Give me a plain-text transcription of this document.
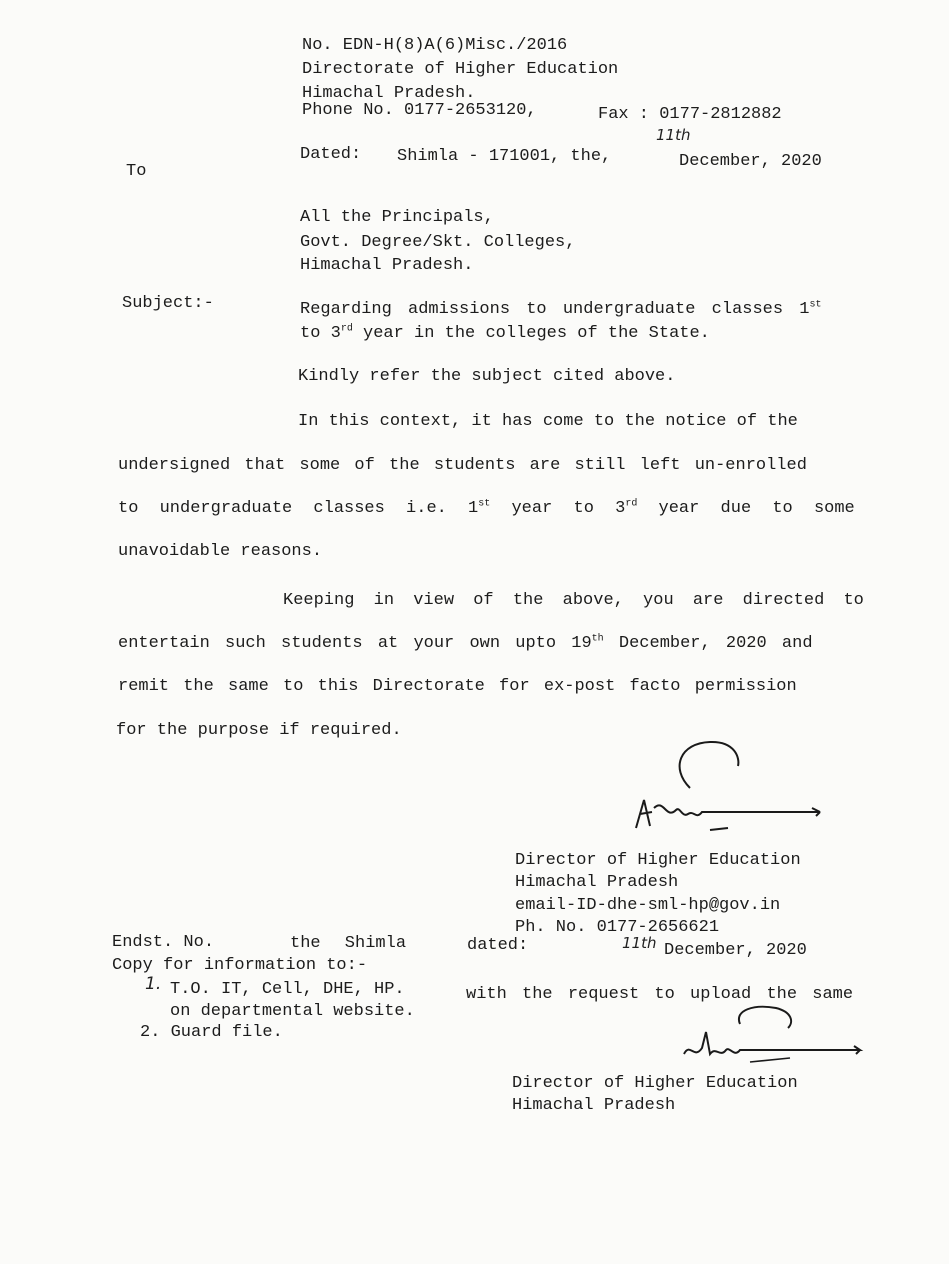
No. EDN-H(8)A(6)Misc./2016
Directorate of Higher Education
Himachal Pradesh.
Phone No. 0177-2653120,	Fax : 0177-2812882
Dated: Shimla - 171001, the,
11th
December, 2020
To
All the Principals,
Govt. Degree/Skt. Colleges,
Himachal Pradesh.
Subject:-	Regarding admissions to undergraduate classes 1st
to 3rd year in the colleges of the State.
Kindly refer the subject cited above.
In this context, it has come to the notice of the
undersigned that some of the students are still left un-enrolled
to undergraduate classes i.e. 1st year to 3rd year due to some
unavoidable reasons.
Keeping in view of the above, you are directed to
entertain such students at your own upto 19th December, 2020 and
remit the same to this Directorate for ex-post facto permission
for the purpose if required.
Director of Higher Education
Himachal Pradesh
email-ID-dhe-sml-hp@gov.in
Ph. No. 0177-2656621
Endst. No.	the Shimla	dated:	11th December, 2020
Copy for information to:-
1. T.O. IT, Cell, DHE, HP.	with the request to upload the same
on departmental website.
2. Guard file.
Director of Higher Education
Himachal Pradesh
